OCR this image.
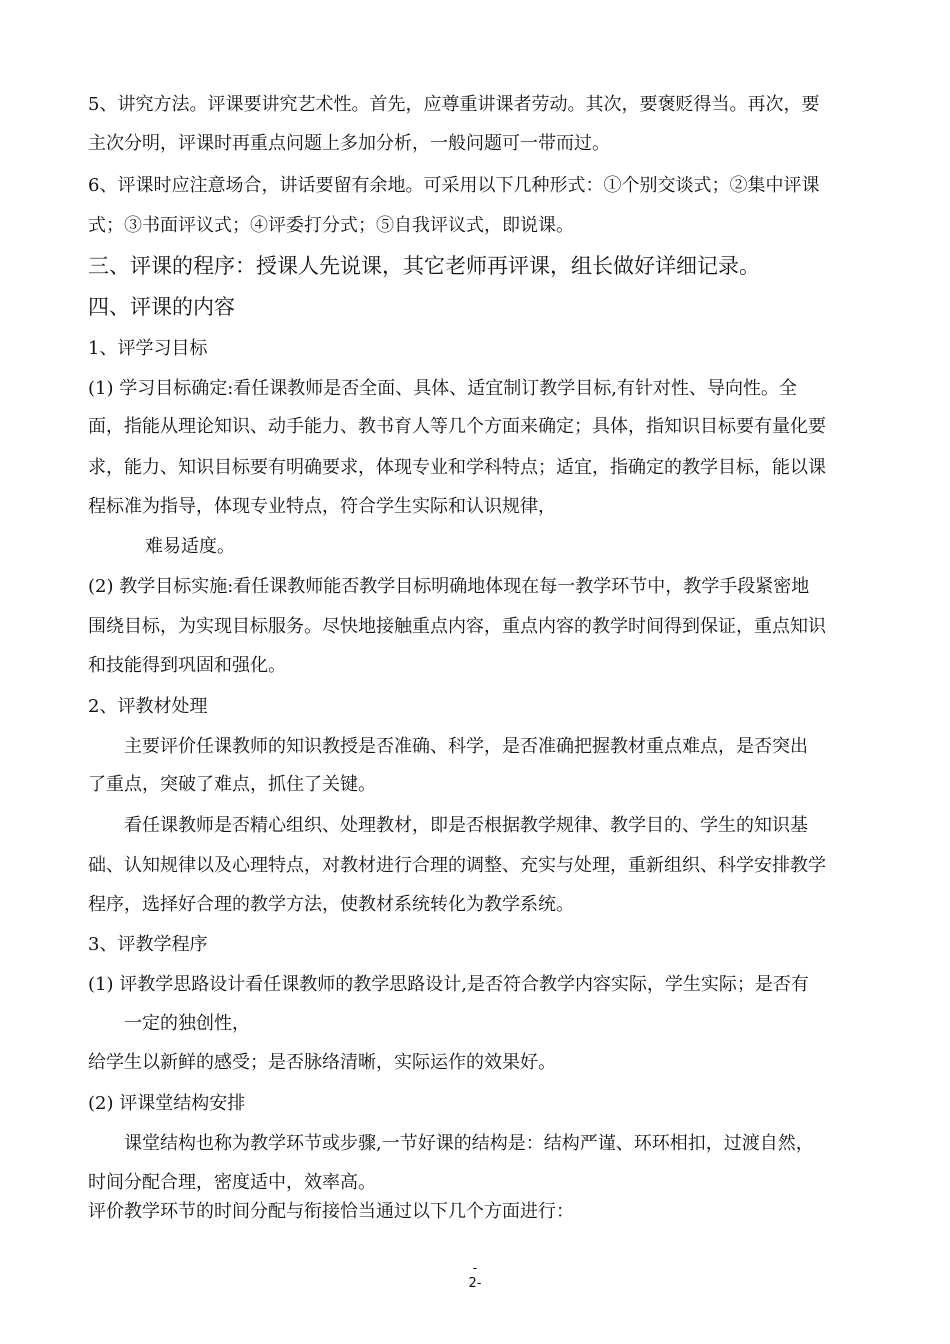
5、讲究方法。评课要讲究艺术性。首先，应尊重讲课者劳动。其次，要褒贬得当。再次，要
主次分明，评课时再重点问题上多加分析，一般问题可一带而过。
6、评课时应注意场合，讲话要留有余地。可采用以下几种形式：①个别交谈式；②集中评课
式；③书面评议式；④评委打分式；⑤自我评议式，即说课。
三、评课的程序：授课人先说课，其它老师再评课，组长做好详细记录。
四、评课的内容
1、评学习目标
(1) 学习目标确定:看任课教师是否全面、具体、适宜制订教学目标,有针对性、导向性。全
面，指能从理论知识、动手能力、教书育人等几个方面来确定；具体，指知识目标要有量化要
求，能力、知识目标要有明确要求，体现专业和学科特点；适宜，指确定的教学目标，能以课
程标准为指导，体现专业特点，符合学生实际和认识规律，
难易适度。
(2) 教学目标实施:看任课教师能否教学目标明确地体现在每一教学环节中，教学手段紧密地
围绕目标，为实现目标服务。尽快地接触重点内容，重点内容的教学时间得到保证，重点知识
和技能得到巩固和强化。
2、评教材处理
主要评价任课教师的知识教授是否准确、科学，是否准确把握教材重点难点，是否突出
了重点，突破了难点，抓住了关键。
看任课教师是否精心组织、处理教材，即是否根据教学规律、教学目的、学生的知识基
础、认知规律以及心理特点，对教材进行合理的调整、充实与处理，重新组织、科学安排教学
程序，选择好合理的教学方法，使教材系统转化为教学系统。
3、评教学程序
(1) 评教学思路设计看任课教师的教学思路设计,是否符合教学内容实际，学生实际；是否有
一定的独创性，
给学生以新鲜的感受；是否脉络清晰，实际运作的效果好。
(2) 评课堂结构安排
课堂结构也称为教学环节或步骤,一节好课的结构是：结构严谨、环环相扣，过渡自然，
时间分配合理，密度适中，效率高。
评价教学环节的时间分配与衔接恰当通过以下几个方面进行：
-
2-
